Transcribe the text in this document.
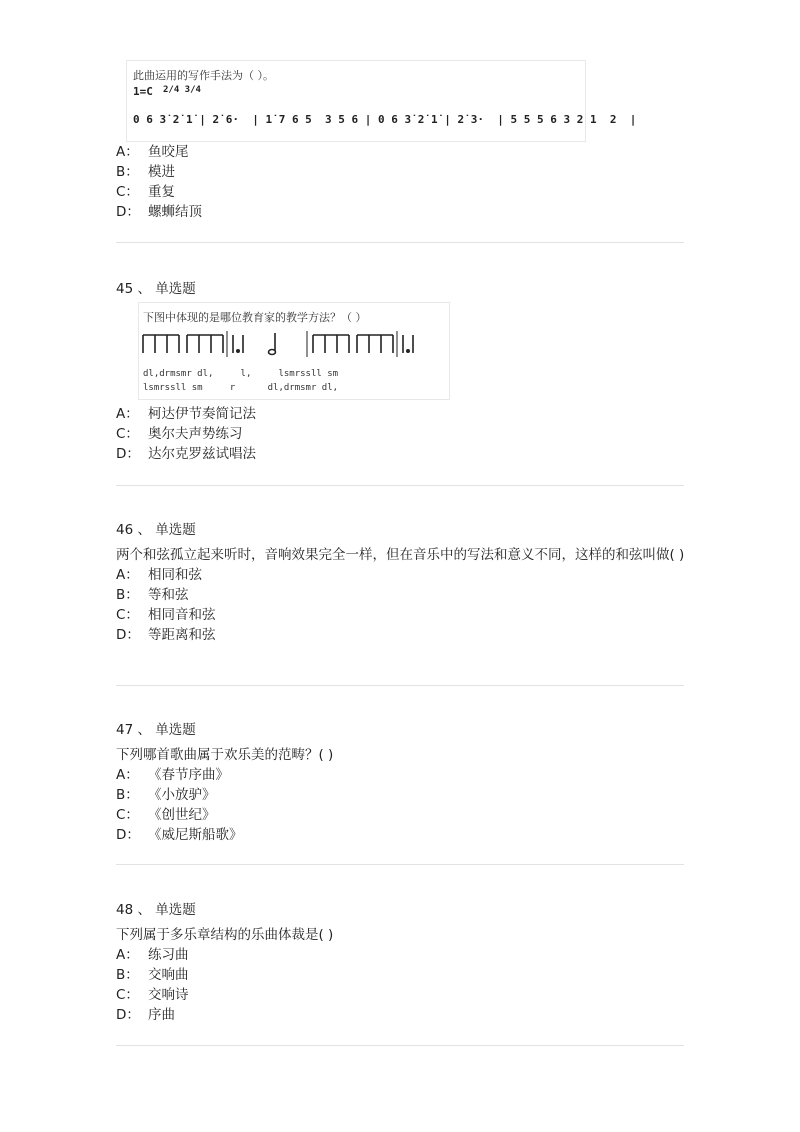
此曲运用的写作手法为（ ）。
1=C 2/4 3/4
0 6 3̇ 2̇ 1̇ | 2̇ 6·  | 1̇ 7 6 5  3 5 6 | 0 6 3̇ 2̇ 1̇ | 2̇ 3·  | 5 5 5 6 3 2 1  2  |
A： 鱼咬尾
B： 模进
C： 重复
D： 螺蛳结顶
45 、 单选题
下图中体现的是哪位教育家的教学方法？（ ）
dl,drmsmr dl,     l,     lsmrssll sm
lsmrssll sm     r      dl,drmsmr dl,
A： 柯达伊节奏简记法
C： 奥尔夫声势练习
D： 达尔克罗兹试唱法
46 、 单选题
两个和弦孤立起来听时，音响效果完全一样，但在音乐中的写法和意义不同，这样的和弦叫做( )
A： 相同和弦
B： 等和弦
C： 相同音和弦
D： 等距离和弦
47 、 单选题
下列哪首歌曲属于欢乐美的范畴？( )
A： 《春节序曲》
B： 《小放驴》
C： 《创世纪》
D： 《威尼斯船歌》
48 、 单选题
下列属于多乐章结构的乐曲体裁是( )
A： 练习曲
B： 交响曲
C： 交响诗
D： 序曲
